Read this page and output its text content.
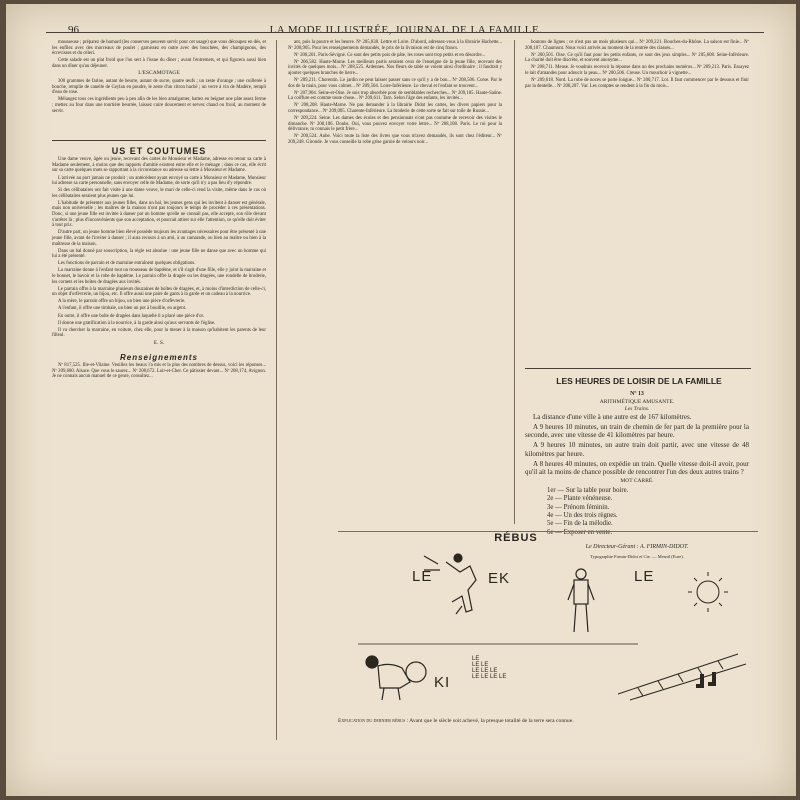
96	LA MODE ILLUSTRÉE, JOURNAL DE LA FAMILLE.

mousseuse ; préparez de homard (les conserves peuvent servir pour cet usage) que vous découpez en dés, et les enfilez avec des morceaux de poulet ; garnissez en outre avec des bouchées, des champignons, des écrevisses et du céleri.

Cette salade est un plat froid que l'on sert à l'issue du dîner ; avant l'entremets, et qui figurera aussi bien dans un dîner qu'au déjeuner.

L'ESCAMOTAGE

300 grammes de farine, autant de beurre, autant de sucre, quatre œufs ; un zeste d'orange ; une cuillerée à bouche, remplie de canelle de Ceylan en poudre, le zeste d'un citron haché ; un verre à vin de Madère, rempli d'eau de rose.

Mélangez tous ces ingrédients peu à peu afin de les bien amalgamer, battez en beignet une pâte assez ferme ; mettez au four dans une tourtière beurrée, laissez cuire doucement et servez chaud ou froid, au moment de servir.

US ET COUTUMES

Une dame veuve, âgée ou jeune, recevant des cartes de Monsieur et Madame, adresse en retour sa carte à Madame seulement, à moins que des rapports d'amitié existent entre elle et le ménage ; dans ce cas, elle écrit sur sa carte quelques mots se rapportant à la circonstance ou adresse sa lettre à Monsieur et Madame.

L'arrivée au port jamais ne produit ; un antécédent ayant envoyé sa carte à Monsieur et Madame, Monsieur lui adresse sa carte personnelle, sans envoyer celle de Madame, de sorte qu'il n'y a pas lieu d'y répondre.

Si des célibataires ont fait visite à une dame veuve, le mari de celle-ci rend la visite, même dans le cas où les célibataires seraient plus jeunes que lui.

L'habitude de présenter aux jeunes filles, dans un bal, les jeunes gens qui les invitent à danser est générale, mais non universelle ; les maîtres de la maison n'ont pas toujours le temps de procéder à ces présentations. Donc, si une jeune fille est invitée à danser par un homme qu'elle ne connaît pas, elle accepte, son rôle devant s'arrêter là ; plus d'inconvénients que son acceptation, et pourrait attirer sur elle l'attention, ce qu'elle doit éviter à tout prix.

D'autre part, un jeune homme bien élevé possède toujours les avantages nécessaires pour être présenté à une jeune fille, avant de l'inviter à danser ; il aura recours à un ami, à un camarade, ou bien au maître ou bien à la maîtresse de la maison.

Dans un bal donné par souscription, la règle est absolue : une jeune fille ne danse que avec un homme qui lui a été présenté.

Les fonctions de parrain et de marraine entraînent quelques obligations.

La marraine donne à l'enfant tout un trousseau de baptême, et s'il s'agit d'une fille, elle y joint la marraine et le bonnet, le bavoir et la robe de baptême. Le parrain offre la dragée ou les dragées, une rondelle de broderie, les cornets et les boîtes de dragées aux invités.

Le parrain offre à la marraine plusieurs douzaines de boîtes de dragées, et, à moins d'interdiction de celle-ci, un objet d'orfèvrerie, un bijou, etc. Il offre aussi une paire de gants à la garde et un cadeau à la nourrice.

A la mère, le parrain offre un bijou, un bien une pièce d'orfèvrerie.

A l'enfant, il offre une timbale, un bien un pot à bouillie, en argent.

En outre, il offre une boîte de dragées dans laquelle il a placé une pièce d'or.

Il donne une gratification à la nourrice, à la garde ainsi qu'aux servants de l'église.

Il va chercher la marraine, en voiture, chez elle, pour la mener à la maison qu'habitent les parents de leur filleul.

E. S.
Renseignements

Nº 817,525. Ille-et-Vilaine. Veuillez les beaux l'a mis et la plus des nombres de dessus, voici les réponses... Nº 209,680. Alsace. Que vous le saurez... Nº 208,672. Loir-et-Cher. Ce pâtissier devant... Nº 208,174, Avignon. Je ne connais aucun manuel de ce genre, consultez...

ant, puis la pourre et les beurre. Nº 205,838. Lettre et Loire. D'abord, adressez-vous à la librairie Hachette... Nº 208,905. Pour les renseignements demandés, le prix de la livraison est de cinq francs.

Nº 208,201. Paris-Sévigné. Ce sont des petits pois de pâte, les roses sont trop petits et en désordre...

Nº 206,582. Haute-Marne. Les meilleurs partis seraient ceux de l'enseigne de la jeune fille, recevant des invités de quelques mois... Nº 208,525. Ardennes. Nos fleurs de table se voient ainsi d'ordinaire ; il faudrait y ajouter quelques branches de lierre...

Nº 209,211. Chorentin. Le jardin ne peut laisser passer sans ce qu'il y a de bon... Nº 208,506. Corse. Par le dos de la main, pour vous calmer... Nº 209,504. Loire-Inférieure. Le cheval et l'enfant se trouvent...

Nº 207,904. Seine-et-Oise. Je suis trop absorbée pour de semblables recherches... Nº 209,105. Haute-Saône. La coiffure est comme toute chose... Nº 209,611. Tarn. Selon l'âge des enfants, les invités...

Nº 208,208. Haute-Marne. Ne pas demander à la librairie Didot les cartes, les divers papiers pour la correspondance... Nº 209,005. Charente-Inférieure. La broderie de cette sorte se fait sur toile de Russie...

Nº 209,224. Seine. Les dames des écoles et des pensionnats n'ont pas coutume de recevoir des visites le dimanche. Nº 200,106. Doubs. Oui, vous pouvez envoyer votre lettre... Nº 208,108. Paris. Le roi pour la délivrance, tu connais le petit frère...

Nº 200,524. Aube. Voici toute la liste des livres que vous m'avez demandés, ils sont chez l'éditeur... Nº 209,248. Gironde. Je vous conseille la robe grise garnie de velours noir...

boutons de lignes ; ce n'est pas un mois plusieurs qui... Nº 209,221. Bouches-du-Rhône. La saison est finie... Nº 208,107. Chaumont. Nous voici arrivés au moment de la rentrée des classes...

Nº 200,501. Oise. Ce qu'il faut pour les petits enfants, ce sont des jeux simples... Nº 205,608. Seine-Inférieure. La charité doit être discrète, et souvent anonyme...

Nº 208,711. Meuse. Je voudrais recevoir la réponse dans un des prochains numéros... Nº 209,213. Paris. Essayez le lait d'amandes pour adoucir la peau... Nº 200,506. Creuse. Un mouchoir à vignette...

Nº 209,618. Nord. La robe de noces se porte longue... Nº 200,717. Lot. Il faut commencer par le dessous et finir par la dentelle... Nº 208,207. Var. Les comptes se rendent à la fin du mois...

LES HEURES DE LOISIR DE LA FAMILLE
Nº 13
ARITHMÉTIQUE AMUSANTE.
Les Trains.

La distance d'une ville à une autre est de 167 kilomètres.

A 9 heures 10 minutes, un train de chemin de fer part de la première pour la seconde, avec une vitesse de 41 kilomètres par heure.

A 9 heures 10 minutes, un autre train doit partir, avec une vitesse de 48 kilomètres par heure.

A 8 heures 40 minutes, on expédie un train. Quelle vitesse doit-il avoir, pour qu'il ait la moins de chance possible de rencontrer l'un des deux autres trains ?

MOT CARRÉ.
1er — Sur la table pour boire.
2e — Plante vénéneuse.
3e — Prénom féminin.
4e — Un des trois règnes.
5e — Fin de la mélodie.
6e — Exposer en vente.
Le Directeur-Gérant : A. FIRMIN-DIDOT.
Typographie Firmin-Didot et Cie. — Mesnil (Eure).
RÉBUS
LE	EK	LE
KI
LE
LE LE
LE LE LE
LE LE LE LE
Explication du dernier rébus : Avant que le siècle soit achevé, la presque totalité de la terre sera connue.
